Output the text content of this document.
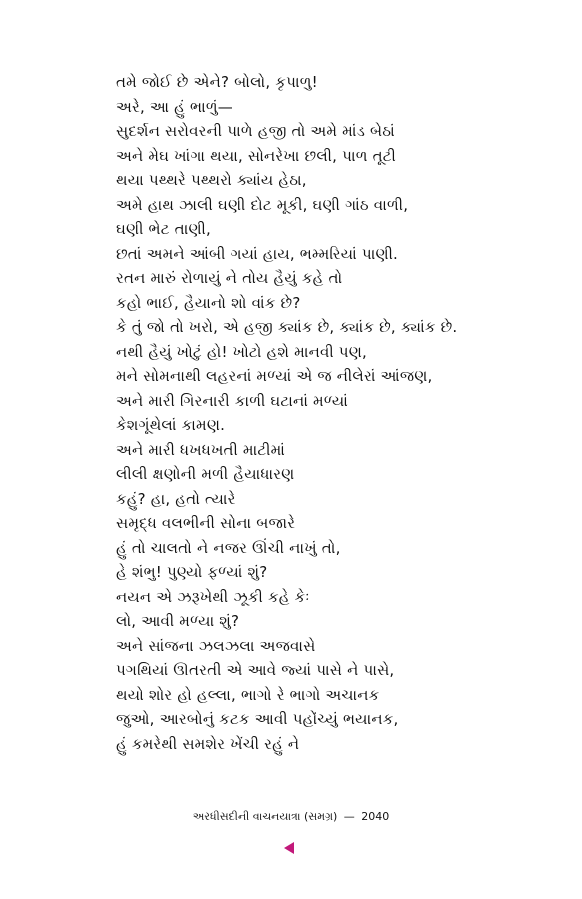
તમે જોઈ છે એને? બોલો, કૃપાળુ!
અરે, આ હું ભાળું—
સુદર્શન સરોવરની પાળે હજી તો અમે માંડ બેઠાં
અને મેઘ ખાંગા થયા, સોનરેખા છલી, પાળ તૂટી
થયા પથ્થરે પથ્થરો ક્યાંય હેઠા,
અમે હાથ ઝાલી ઘણી દોટ મૂકી, ઘણી ગાંઠ વાળી,
ઘણી ભેટ તાણી,
છતાં અમને આંબી ગયાં હાય, ભમ્મરિયાં પાણી.
રતન મારું રોળાયું ને તોય હૈયું કહે તો
કહો ભાઈ, હૈયાનો શો વાંક છે?
કે તું જો તો ખરો, એ હજી ક્યાંક છે, ક્યાંક છે, ક્યાંક છે.
નથી હૈયું ખોટું હો! ખોટો હશે માનવી પણ,
મને સોમનાથી લહરનાં મળ્યાં એ જ નીલેરાં આંજણ,
અને મારી ગિરનારી કાળી ઘટાનાં મળ્યાં
કેશગૂંથેલાં કામણ.
અને મારી ધખધખતી માટીમાં
લીલી ક્ષણોની મળી હૈયાધારણ
કહું? હા, હતો ત્યારે
સમૃદ્ધ વલભીની સોના બજારે
હું તો ચાલતો ને નજર ઊંચી નાખું તો,
હે શંભુ! પુણ્યો ફળ્યાં શું?
નયન એ ઝરૂખેથી ઝૂકી કહે કેઃ
લો, આવી મળ્યા શું?
અને સાંજના ઝલઝલા અજવાસે
પગથિયાં ઊતરતી એ આવે જ્યાં પાસે ને પાસે,
થયો શોર હો હલ્લા, ભાગો રે ભાગો અચાનક
જુઓ, આરબોનું કટક આવી પહોંચ્યું ભયાનક,
હું કમરેથી સમશેર ખેંચી રહું ને
અરધીસદીની વાચનયાત્રા (સમગ્ર) — 2040
